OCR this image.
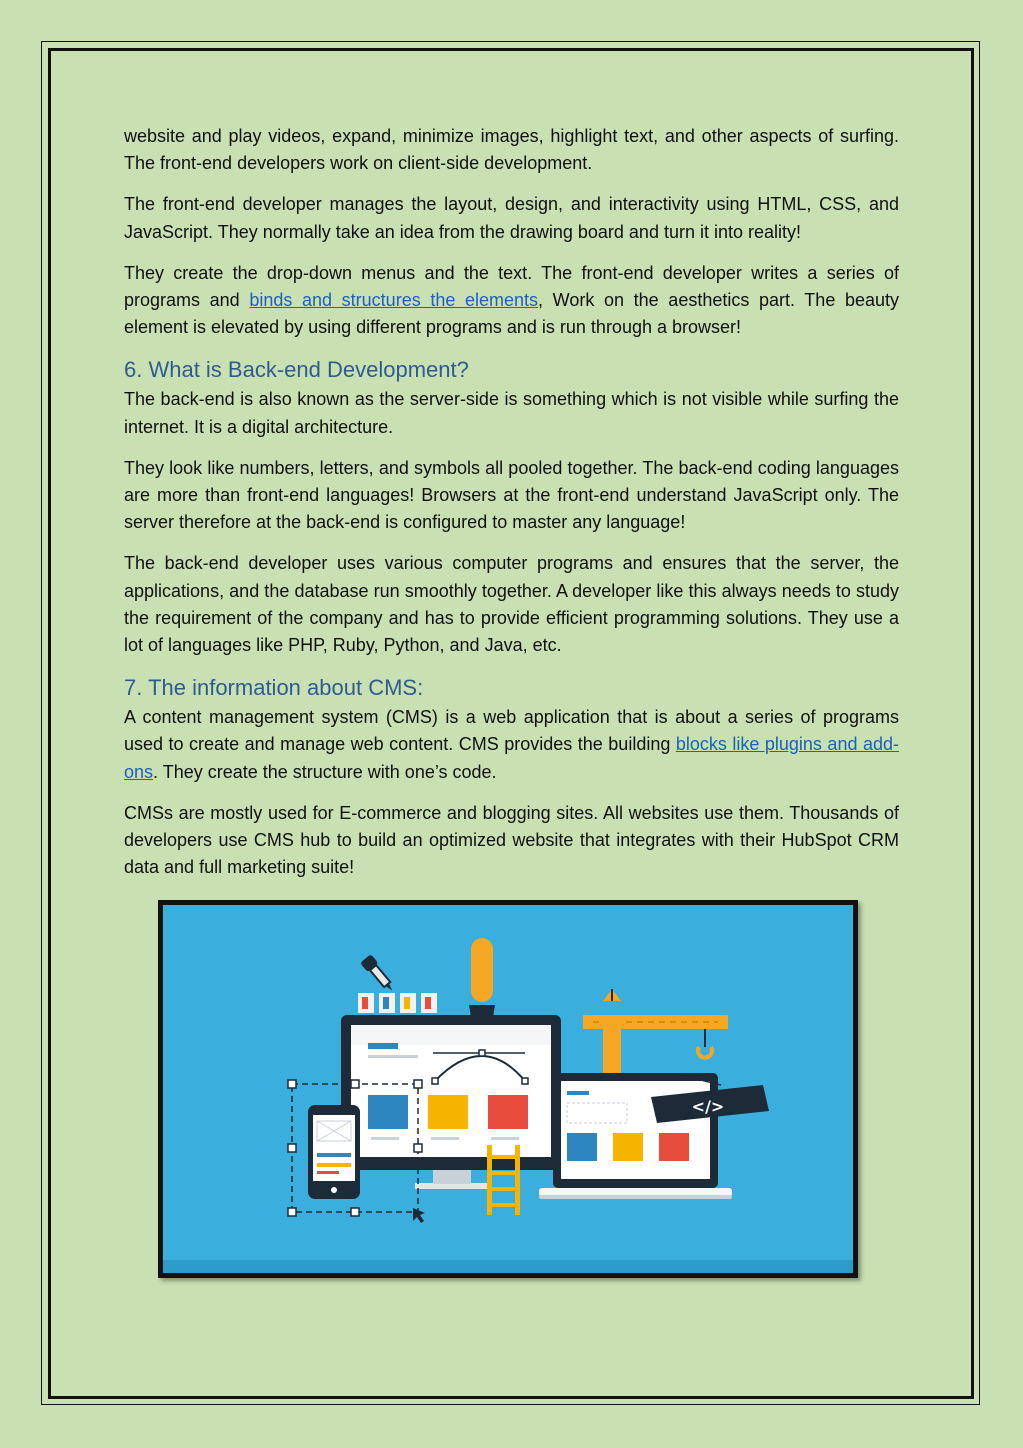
website and play videos, expand, minimize images, highlight text, and other aspects of surfing. The front-end developers work on client-side development.

The front-end developer manages the layout, design, and interactivity using HTML, CSS, and JavaScript. They normally take an idea from the drawing board and turn it into reality!

They create the drop-down menus and the text. The front-end developer writes a series of programs and binds and structures the elements, Work on the aesthetics part. The beauty element is elevated by using different programs and is run through a browser!

6. What is Back-end Development?

The back-end is also known as the server-side is something which is not visible while surfing the internet. It is a digital architecture.

They look like numbers, letters, and symbols all pooled together. The back-end coding languages are more than front-end languages! Browsers at the front-end understand JavaScript only. The server therefore at the back-end is configured to master any language!

The back-end developer uses various computer programs and ensures that the server, the applications, and the database run smoothly together. A developer like this always needs to study the requirement of the company and has to provide efficient programming solutions. They use a lot of languages like PHP, Ruby, Python, and Java, etc.

7. The information about CMS:

A content management system (CMS) is a web application that is about a series of programs used to create and manage web content. CMS provides the building blocks like plugins and add-ons. They create the structure with one’s code.

CMSs are mostly used for E-commerce and blogging sites. All websites use them. Thousands of developers use CMS hub to build an optimized website that integrates with their HubSpot CRM data and full marketing suite!

</>
